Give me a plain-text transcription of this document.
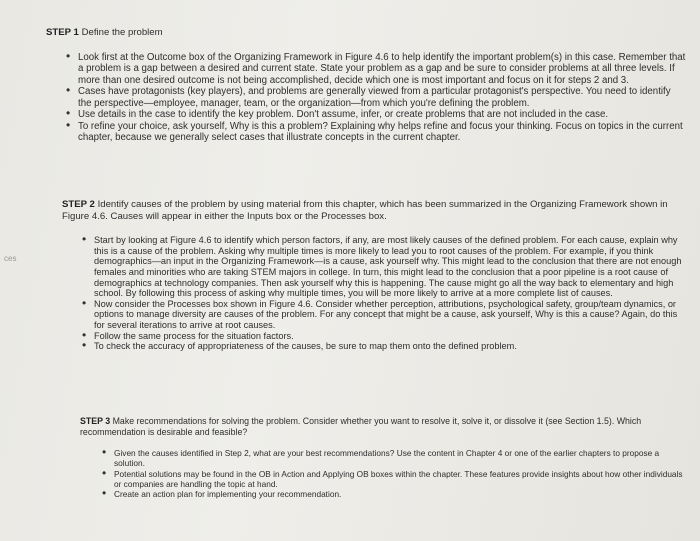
ces

STEP 1 Define the problem

• Look first at the Outcome box of the Organizing Framework in Figure 4.6 to help identify the important problem(s) in this case. Remember that a problem is a gap between a desired and current state. State your problem as a gap and be sure to consider problems at all three levels. If more than one desired outcome is not being accomplished, decide which one is most important and focus on it for steps 2 and 3.
• Cases have protagonists (key players), and problems are generally viewed from a particular protagonist's perspective. You need to identify the perspective—employee, manager, team, or the organization—from which you're defining the problem.
• Use details in the case to identify the key problem. Don't assume, infer, or create problems that are not included in the case.
• To refine your choice, ask yourself, Why is this a problem? Explaining why helps refine and focus your thinking. Focus on topics in the current chapter, because we generally select cases that illustrate concepts in the current chapter.

STEP 2 Identify causes of the problem by using material from this chapter, which has been summarized in the Organizing Framework shown in Figure 4.6. Causes will appear in either the Inputs box or the Processes box.

• Start by looking at Figure 4.6 to identify which person factors, if any, are most likely causes of the defined problem. For each cause, explain why this is a cause of the problem. Asking why multiple times is more likely to lead you to root causes of the problem. For example, if you think demographics—an input in the Organizing Framework—is a cause, ask yourself why. This might lead to the conclusion that there are not enough females and minorities who are taking STEM majors in college. In turn, this might lead to the conclusion that a poor pipeline is a root cause of demographics at technology companies. Then ask yourself why this is happening. The cause might go all the way back to elementary and high school. By following this process of asking why multiple times, you will be more likely to arrive at a more complete list of causes.
• Now consider the Processes box shown in Figure 4.6. Consider whether perception, attributions, psychological safety, group/team dynamics, or options to manage diversity are causes of the problem. For any concept that might be a cause, ask yourself, Why is this a cause? Again, do this for several iterations to arrive at root causes.
• Follow the same process for the situation factors.
• To check the accuracy of appropriateness of the causes, be sure to map them onto the defined problem.

STEP 3 Make recommendations for solving the problem. Consider whether you want to resolve it, solve it, or dissolve it (see Section 1.5). Which recommendation is desirable and feasible?

• Given the causes identified in Step 2, what are your best recommendations? Use the content in Chapter 4 or one of the earlier chapters to propose a solution.
• Potential solutions may be found in the OB in Action and Applying OB boxes within the chapter. These features provide insights about how other individuals or companies are handling the topic at hand.
• Create an action plan for implementing your recommendation.
